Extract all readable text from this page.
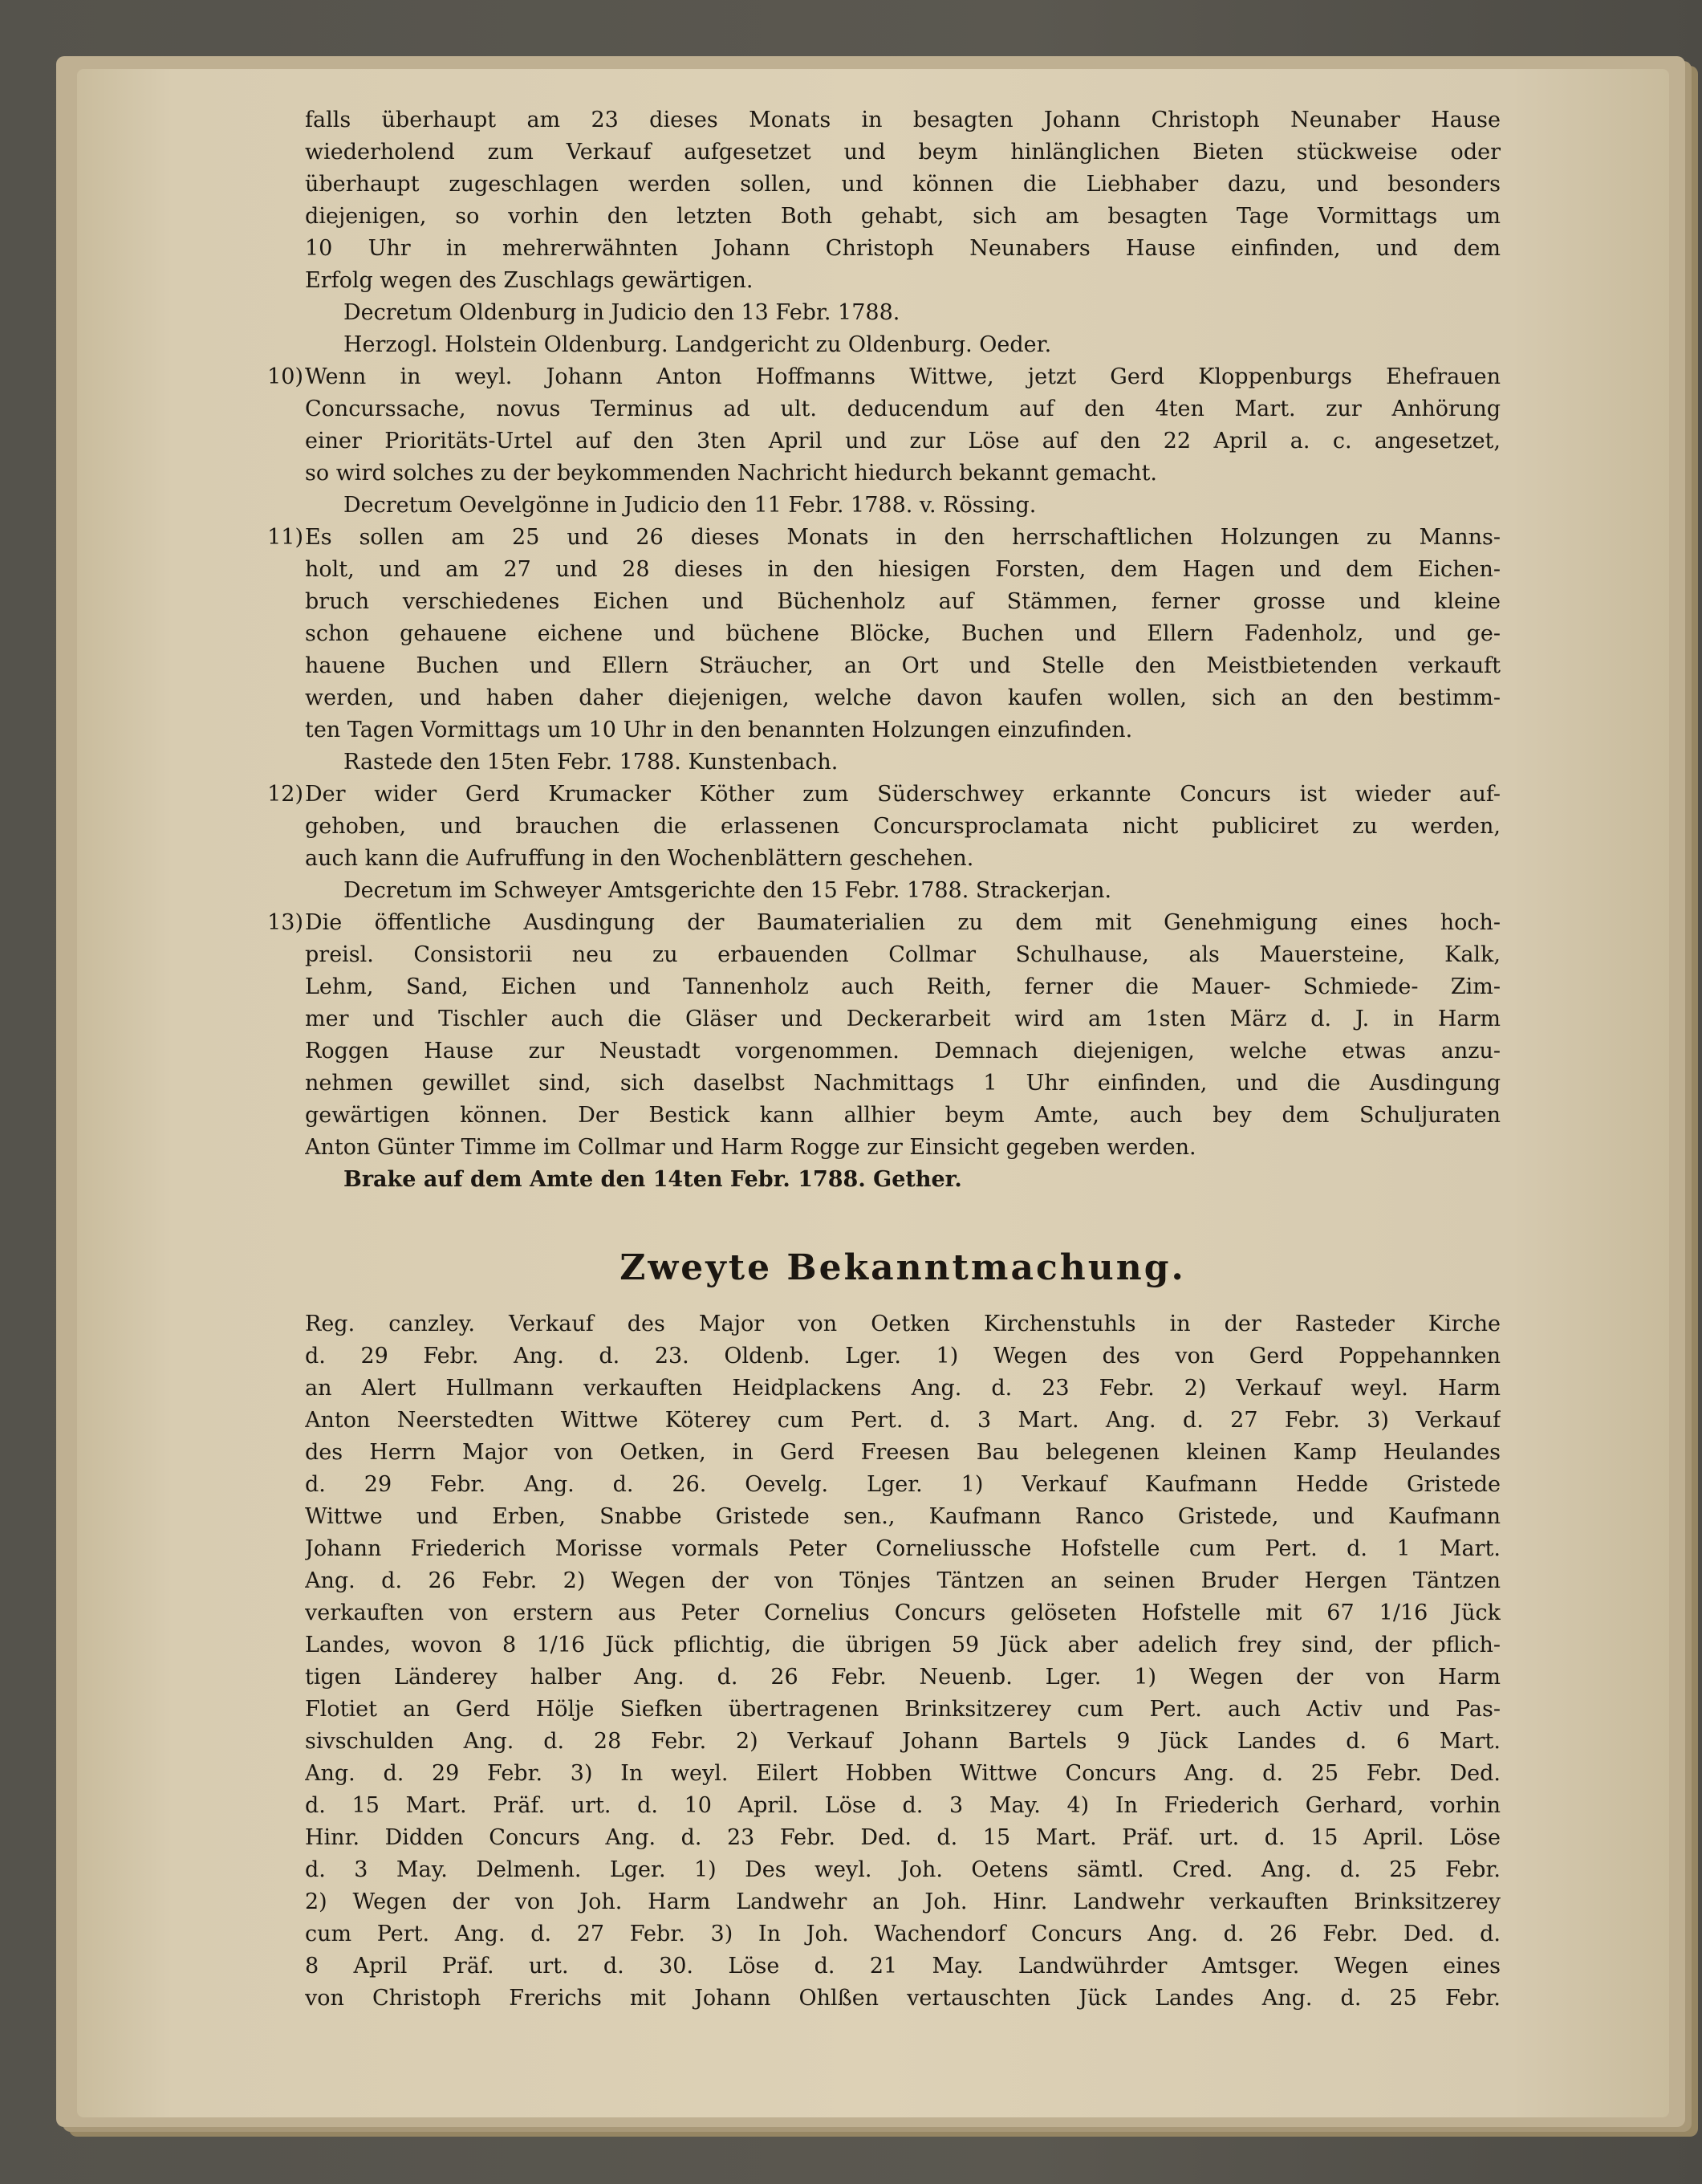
falls überhaupt am 23 dieses Monats in besagten Johann Christoph Neunaber Hause
wiederholend zum Verkauf aufgesetzet und beym hinlänglichen Bieten stückweise oder
überhaupt zugeschlagen werden sollen, und können die Liebhaber dazu, und besonders
diejenigen, so vorhin den letzten Both gehabt, sich am besagten Tage Vormittags um
10 Uhr in mehrerwähnten Johann Christoph Neunabers Hause einfinden, und dem
Erfolg wegen des Zuschlags gewärtigen.
Decretum Oldenburg in Judicio den 13 Febr. 1788.
Herzogl. Holstein Oldenburg. Landgericht zu Oldenburg. Oeder.
10) Wenn in weyl. Johann Anton Hoffmanns Wittwe, jetzt Gerd Kloppenburgs Ehefrauen
Concurssache, novus Terminus ad ult. deducendum auf den 4ten Mart. zur Anhörung
einer Prioritäts-Urtel auf den 3ten April und zur Löse auf den 22 April a. c. angesetzet,
so wird solches zu der beykommenden Nachricht hiedurch bekannt gemacht.
Decretum Oevelgönne in Judicio den 11 Febr. 1788. v. Rössing.
11) Es sollen am 25 und 26 dieses Monats in den herrschaftlichen Holzungen zu Manns-
holt, und am 27 und 28 dieses in den hiesigen Forsten, dem Hagen und dem Eichen-
bruch verschiedenes Eichen und Büchenholz auf Stämmen, ferner grosse und kleine
schon gehauene eichene und büchene Blöcke, Buchen und Ellern Fadenholz, und ge-
hauene Buchen und Ellern Sträucher, an Ort und Stelle den Meistbietenden verkauft
werden, und haben daher diejenigen, welche davon kaufen wollen, sich an den bestimm-
ten Tagen Vormittags um 10 Uhr in den benannten Holzungen einzufinden.
Rastede den 15ten Febr. 1788. Kunstenbach.
12) Der wider Gerd Krumacker Köther zum Süderschwey erkannte Concurs ist wieder auf-
gehoben, und brauchen die erlassenen Concursproclamata nicht publiciret zu werden,
auch kann die Aufruffung in den Wochenblättern geschehen.
Decretum im Schweyer Amtsgerichte den 15 Febr. 1788. Strackerjan.
13) Die öffentliche Ausdingung der Baumaterialien zu dem mit Genehmigung eines hoch-
preisl. Consistorii neu zu erbauenden Collmar Schulhause, als Mauersteine, Kalk,
Lehm, Sand, Eichen und Tannenholz auch Reith, ferner die Mauer- Schmiede- Zim-
mer und Tischler auch die Gläser und Deckerarbeit wird am 1sten März d. J. in Harm
Roggen Hause zur Neustadt vorgenommen. Demnach diejenigen, welche etwas anzu-
nehmen gewillet sind, sich daselbst Nachmittags 1 Uhr einfinden, und die Ausdingung
gewärtigen können. Der Bestick kann allhier beym Amte, auch bey dem Schuljuraten
Anton Günter Timme im Collmar und Harm Rogge zur Einsicht gegeben werden.
Brake auf dem Amte den 14ten Febr. 1788. Gether.
Zweyte Bekanntmachung.
Reg. canzley. Verkauf des Major von Oetken Kirchenstuhls in der Rasteder Kirche
d. 29 Febr. Ang. d. 23. Oldenb. Lger. 1) Wegen des von Gerd Poppehannken
an Alert Hullmann verkauften Heidplackens Ang. d. 23 Febr. 2) Verkauf weyl. Harm
Anton Neerstedten Wittwe Köterey cum Pert. d. 3 Mart. Ang. d. 27 Febr. 3) Verkauf
des Herrn Major von Oetken, in Gerd Freesen Bau belegenen kleinen Kamp Heulandes
d. 29 Febr. Ang. d. 26. Oevelg. Lger. 1) Verkauf Kaufmann Hedde Gristede
Wittwe und Erben, Snabbe Gristede sen., Kaufmann Ranco Gristede, und Kaufmann
Johann Friederich Morisse vormals Peter Corneliussche Hofstelle cum Pert. d. 1 Mart.
Ang. d. 26 Febr. 2) Wegen der von Tönjes Täntzen an seinen Bruder Hergen Täntzen
verkauften von erstern aus Peter Cornelius Concurs gelöseten Hofstelle mit 67 1/16 Jück
Landes, wovon 8 1/16 Jück pflichtig, die übrigen 59 Jück aber adelich frey sind, der pflich-
tigen Länderey halber Ang. d. 26 Febr. Neuenb. Lger. 1) Wegen der von Harm
Flotiet an Gerd Hölje Siefken übertragenen Brinksitzerey cum Pert. auch Activ und Pas-
sivschulden Ang. d. 28 Febr. 2) Verkauf Johann Bartels 9 Jück Landes d. 6 Mart.
Ang. d. 29 Febr. 3) In weyl. Eilert Hobben Wittwe Concurs Ang. d. 25 Febr. Ded.
d. 15 Mart. Präf. urt. d. 10 April. Löse d. 3 May. 4) In Friederich Gerhard, vorhin
Hinr. Didden Concurs Ang. d. 23 Febr. Ded. d. 15 Mart. Präf. urt. d. 15 April. Löse
d. 3 May. Delmenh. Lger. 1) Des weyl. Joh. Oetens sämtl. Cred. Ang. d. 25 Febr.
2) Wegen der von Joh. Harm Landwehr an Joh. Hinr. Landwehr verkauften Brinksitzerey
cum Pert. Ang. d. 27 Febr. 3) In Joh. Wachendorf Concurs Ang. d. 26 Febr. Ded. d.
8 April Präf. urt. d. 30. Löse d. 21 May. Landwührder Amtsger. Wegen eines
von Christoph Frerichs mit Johann Ohlßen vertauschten Jück Landes Ang. d. 25 Febr.
